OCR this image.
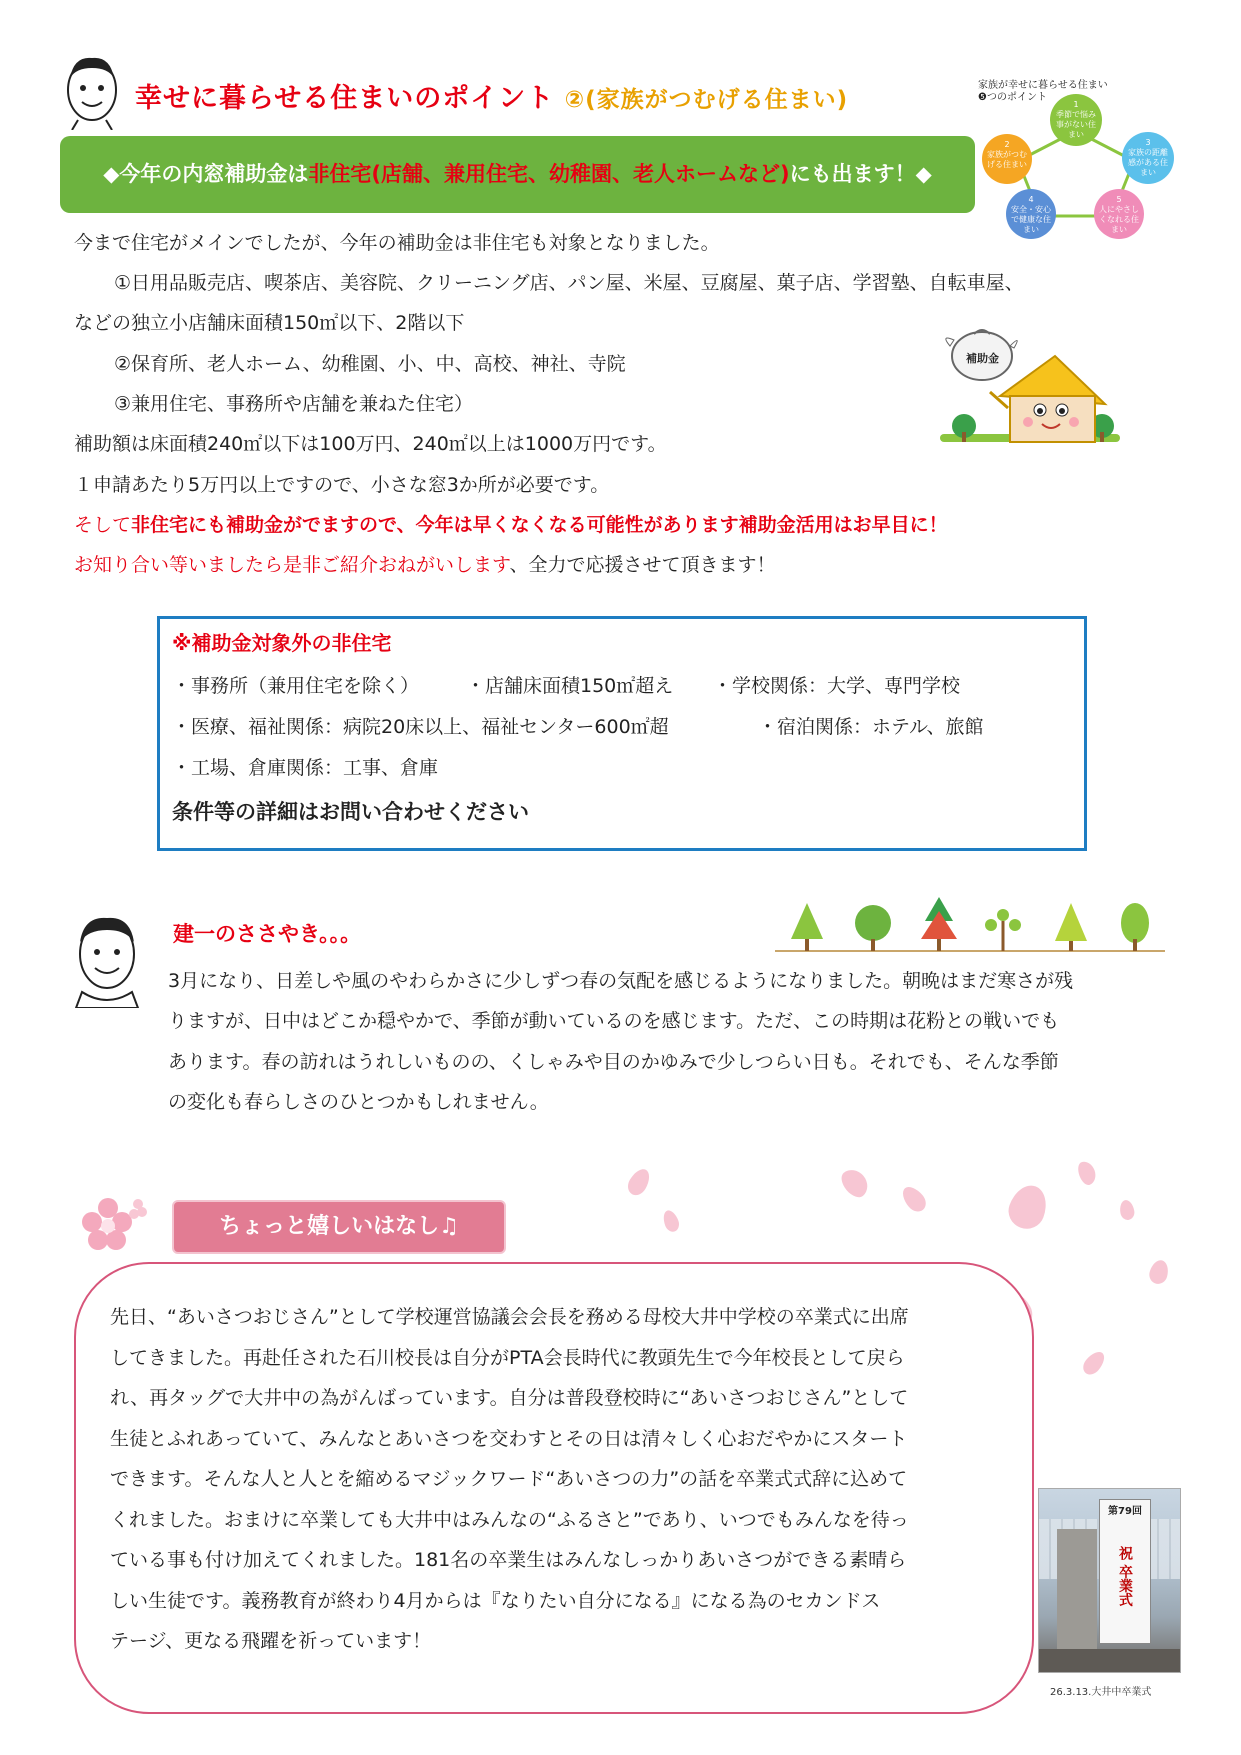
幸せに暮らせる住まいのポイント ②(家族がつむげる住まい)
家族が幸せに暮らせる住まい
❺つのポイント
1
季節で悩み事がない住まい
2
家族がつむげる住まい
3
家族の距離感がある住まい
4
安全・安心で健康な住まい
5
人にやさしくなれる住まい
◆今年の内窓補助金は非住宅(店舗、兼用住宅、幼稚園、老人ホームなど)にも出ます！◆
今まで住宅がメインでしたが、今年の補助金は非住宅も対象となりました。
①日用品販売店、喫茶店、美容院、クリーニング店、パン屋、米屋、豆腐屋、菓子店、学習塾、自転車屋、
などの独立小店舗床面積150㎡以下、2階以下
②保育所、老人ホーム、幼稚園、小、中、高校、神社、寺院
③兼用住宅、事務所や店舗を兼ねた住宅）
補助額は床面積240㎡以下は100万円、240㎡以上は1000万円です。
１申請あたり5万円以上ですので、小さな窓3か所が必要です。
そして非住宅にも補助金がでますので、今年は早くなくなる可能性があります補助金活用はお早目に！
お知り合い等いましたら是非ご紹介おねがいします、全力で応援させて頂きます！
補助金
※補助金対象外の非住宅
・事務所（兼用住宅を除く） ・店舗床面積150㎡超え ・学校関係：大学、専門学校
・医療、福祉関係：病院20床以上、福祉センター600㎡超	・宿泊関係：ホテル、旅館
・工場、倉庫関係：工事、倉庫
条件等の詳細はお問い合わせください
建一のささやき。。。
3月になり、日差しや風のやわらかさに少しずつ春の気配を感じるようになりました。朝晩はまだ寒さが残
りますが、日中はどこか穏やかで、季節が動いているのを感じます。ただ、この時期は花粉との戦いでも
あります。春の訪れはうれしいものの、くしゃみや目のかゆみで少しつらい日も。それでも、そんな季節
の変化も春らしさのひとつかもしれません。
ちょっと嬉しいはなし♫
先日、“あいさつおじさん”として学校運営協議会会長を務める母校大井中学校の卒業式に出席
してきました。再赴任された石川校長は自分がPTA会長時代に教頭先生で今年校長として戻ら
れ、再タッグで大井中の為がんばっています。自分は普段登校時に“あいさつおじさん”として
生徒とふれあっていて、みんなとあいさつを交わすとその日は清々しく心おだやかにスタート
できます。そんな人と人とを縮めるマジックワード“あいさつの力”の話を卒業式式辞に込めて
くれました。おまけに卒業しても大井中はみんなの“ふるさと”であり、いつでもみんなを待っ
ている事も付け加えてくれました。181名の卒業生はみんなしっかりあいさつができる素晴ら
しい生徒です。義務教育が終わり4月からは『なりたい自分になる』になる為のセカンドス
テージ、更なる飛躍を祈っています！
第79回
祝 卒業式
26.3.13.大井中卒業式
